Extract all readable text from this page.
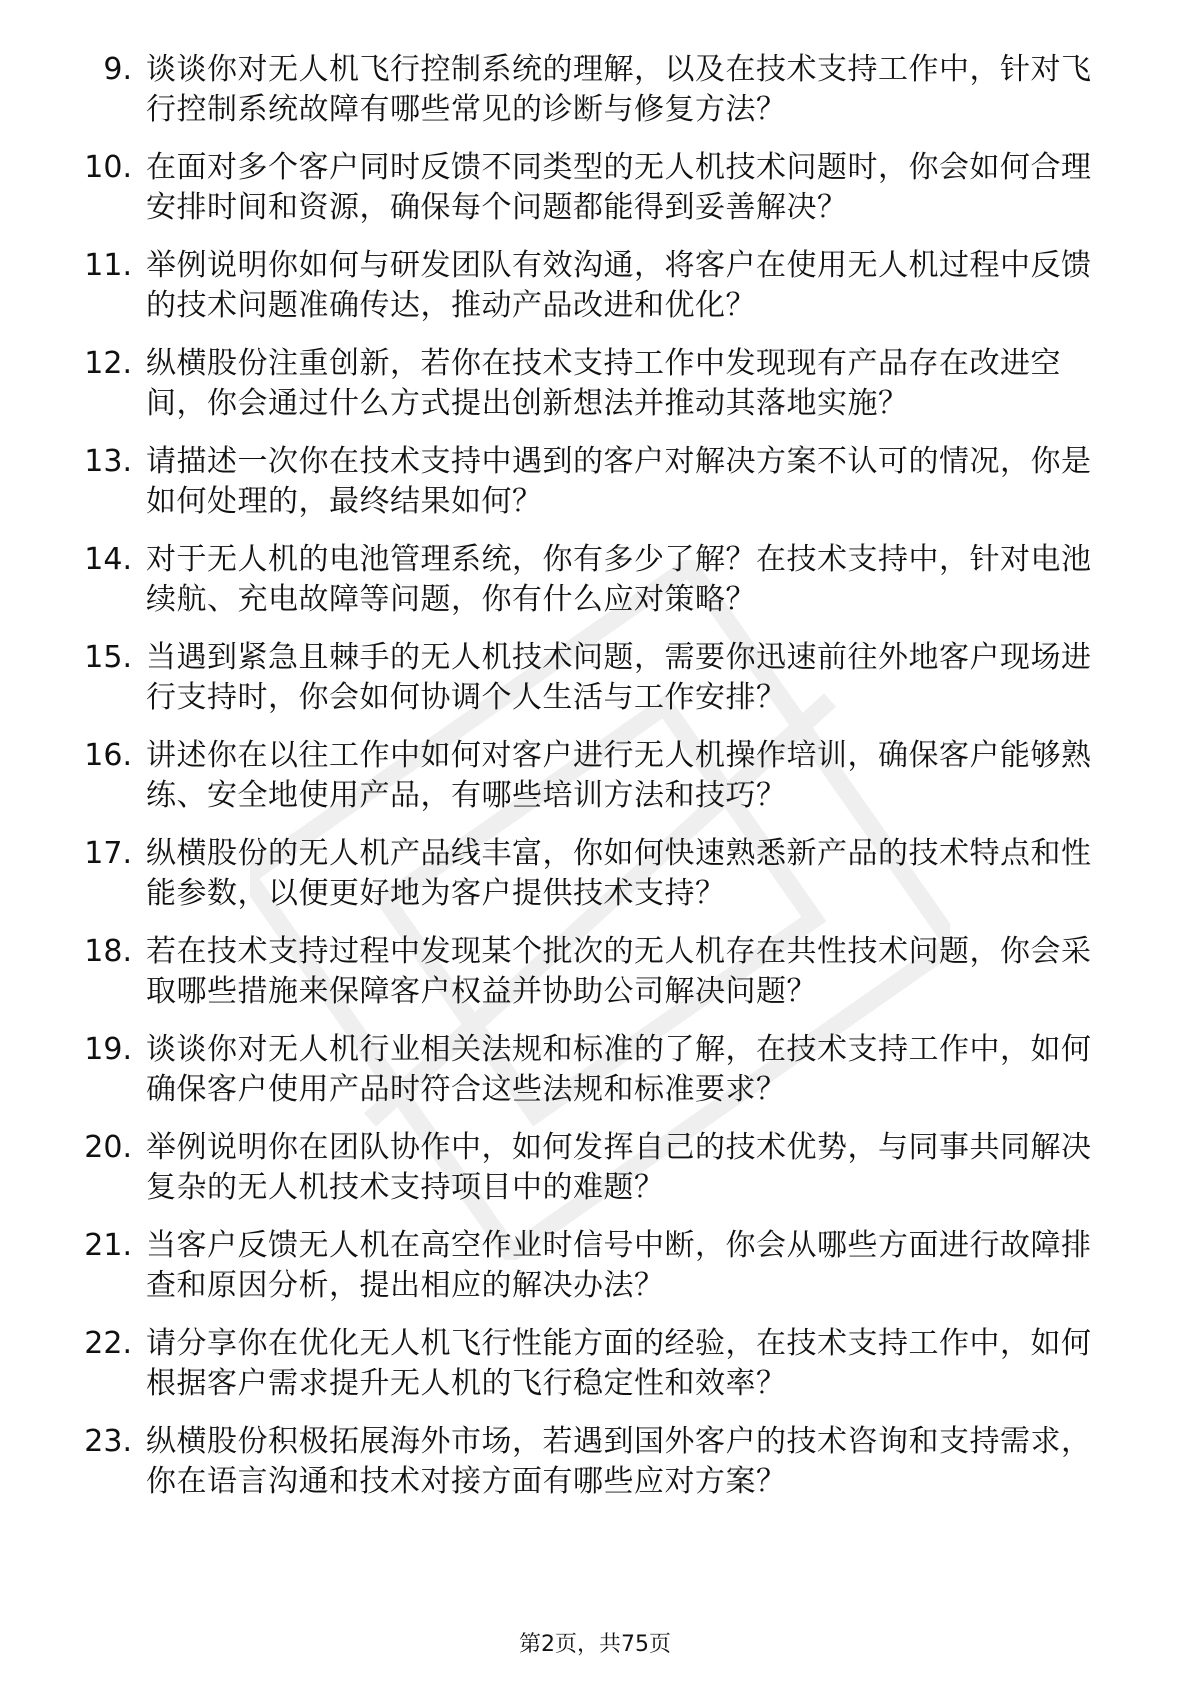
9. 谈谈你对无人机飞行控制系统的理解，以及在技术支持工作中，针对飞行控制系统故障有哪些常见的诊断与修复方法？
10. 在面对多个客户同时反馈不同类型的无人机技术问题时，你会如何合理安排时间和资源，确保每个问题都能得到妥善解决？
11. 举例说明你如何与研发团队有效沟通，将客户在使用无人机过程中反馈的技术问题准确传达，推动产品改进和优化？
12. 纵横股份注重创新，若你在技术支持工作中发现现有产品存在改进空间，你会通过什么方式提出创新想法并推动其落地实施？
13. 请描述一次你在技术支持中遇到的客户对解决方案不认可的情况，你是如何处理的，最终结果如何？
14. 对于无人机的电池管理系统，你有多少了解？在技术支持中，针对电池续航、充电故障等问题，你有什么应对策略？
15. 当遇到紧急且棘手的无人机技术问题，需要你迅速前往外地客户现场进行支持时，你会如何协调个人生活与工作安排？
16. 讲述你在以往工作中如何对客户进行无人机操作培训，确保客户能够熟练、安全地使用产品，有哪些培训方法和技巧？
17. 纵横股份的无人机产品线丰富，你如何快速熟悉新产品的技术特点和性能参数，以便更好地为客户提供技术支持？
18. 若在技术支持过程中发现某个批次的无人机存在共性技术问题，你会采取哪些措施来保障客户权益并协助公司解决问题？
19. 谈谈你对无人机行业相关法规和标准的了解，在技术支持工作中，如何确保客户使用产品时符合这些法规和标准要求？
20. 举例说明你在团队协作中，如何发挥自己的技术优势，与同事共同解决复杂的无人机技术支持项目中的难题？
21. 当客户反馈无人机在高空作业时信号中断，你会从哪些方面进行故障排查和原因分析，提出相应的解决办法？
22. 请分享你在优化无人机飞行性能方面的经验，在技术支持工作中，如何根据客户需求提升无人机的飞行稳定性和效率？
23. 纵横股份积极拓展海外市场，若遇到国外客户的技术咨询和支持需求，你在语言沟通和技术对接方面有哪些应对方案？
第2页，共75页
